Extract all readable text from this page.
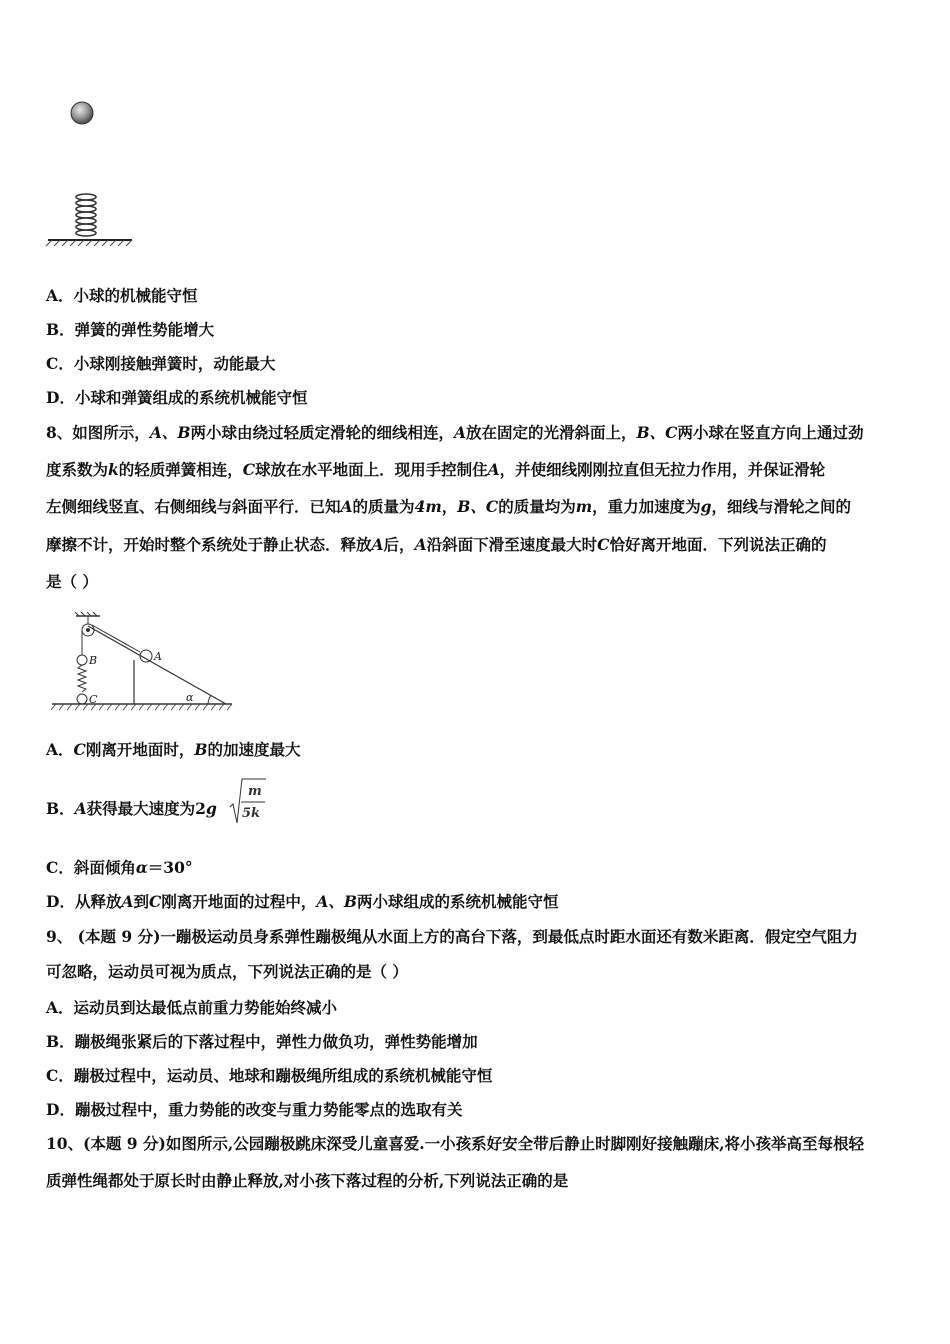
A．小球的机械能守恒
B．弹簧的弹性势能增大
C．小球刚接触弹簧时，动能最大
D．小球和弹簧组成的系统机械能守恒
8、如图所示，A、B两小球由绕过轻质定滑轮的细线相连，A放在固定的光滑斜面上，B、C两小球在竖直方向上通过劲
度系数为k的轻质弹簧相连，C球放在水平地面上．现用手控制住A，并使细线刚刚拉直但无拉力作用，并保证滑轮
左侧细线竖直、右侧细线与斜面平行．已知A的质量为4m，B、C的质量均为m，重力加速度为g，细线与滑轮之间的
摩擦不计，开始时整个系统处于静止状态．释放A后，A沿斜面下滑至速度最大时C恰好离开地面．下列说法正确的
是（ ）
A
B
C	α
A．C刚离开地面时，B的加速度最大
B．A获得最大速度为2g
m
5k
C．斜面倾角α＝30°
D．从释放A到C刚离开地面的过程中，A、B两小球组成的系统机械能守恒
9、 (本题 9 分)一蹦极运动员身系弹性蹦极绳从水面上方的高台下落，到最低点时距水面还有数米距离．假定空气阻力
可忽略，运动员可视为质点，下列说法正确的是（ ）
A．运动员到达最低点前重力势能始终减小
B．蹦极绳张紧后的下落过程中，弹性力做负功，弹性势能增加
C．蹦极过程中，运动员、地球和蹦极绳所组成的系统机械能守恒
D．蹦极过程中，重力势能的改变与重力势能零点的选取有关
10、(本题 9 分)如图所示,公园蹦极跳床深受儿童喜爱.一小孩系好安全带后静止时脚刚好接触蹦床,将小孩举高至每根轻
质弹性绳都处于原长时由静止释放,对小孩下落过程的分析,下列说法正确的是
